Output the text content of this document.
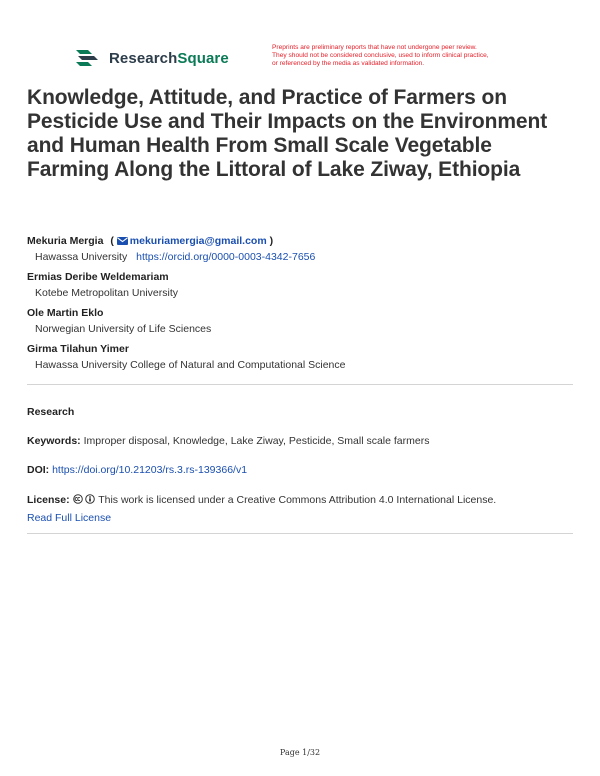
ResearchSquare
Preprints are preliminary reports that have not undergone peer review.
They should not be considered conclusive, used to inform clinical practice,
or referenced by the media as validated information.
Knowledge, Attitude, and Practice of Farmers on Pesticide Use and Their Impacts on the Environment and Human Health From Small Scale Vegetable Farming Along the Littoral of Lake Ziway, Ethiopia
Mekuria Mergia ( mekuriamergia@gmail.com )
Hawassa University https://orcid.org/0000-0003-4342-7656
Ermias Deribe Weldemariam
Kotebe Metropolitan University
Ole Martin Eklo
Norwegian University of Life Sciences
Girma Tilahun Yimer
Hawassa University College of Natural and Computational Science
Research
Keywords: Improper disposal, Knowledge, Lake Ziway, Pesticide, Small scale farmers
DOI: https://doi.org/10.21203/rs.3.rs-139366/v1
License:	This work is licensed under a Creative Commons Attribution 4.0 International License.
Read Full License
Page 1/32
